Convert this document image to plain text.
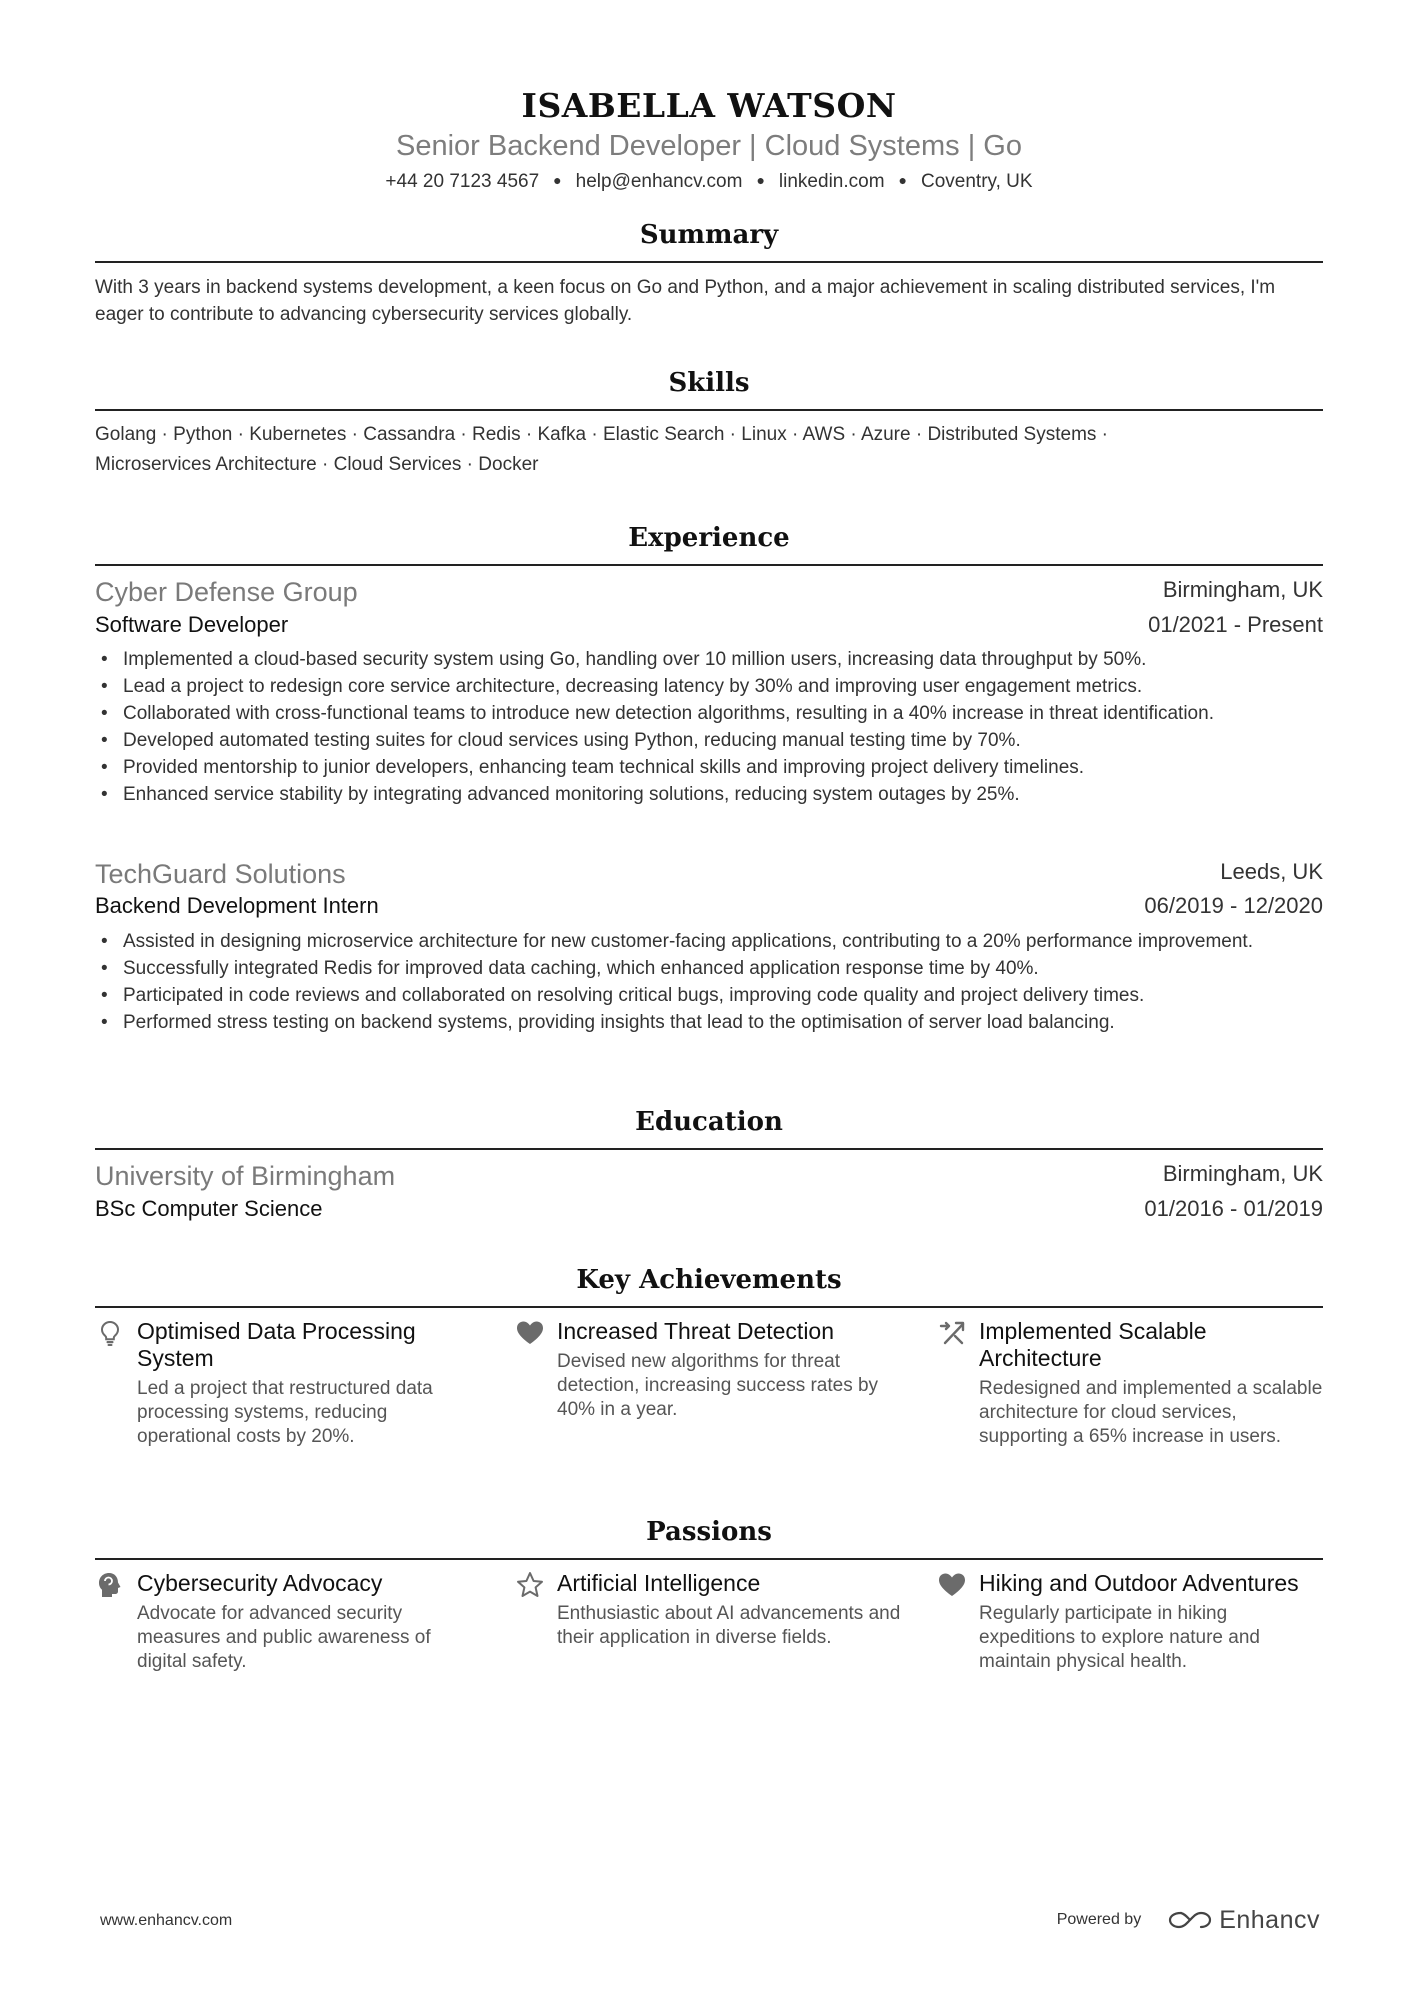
ISABELLA WATSON
Senior Backend Developer | Cloud Systems | Go
+44 20 7123 4567 ● help@enhancv.com ● linkedin.com ● Coventry, UK
Summary
With 3 years in backend systems development, a keen focus on Go and Python, and a major achievement in scaling distributed services, I'm eager to contribute to advancing cybersecurity services globally.
Skills
Golang · Python · Kubernetes · Cassandra · Redis · Kafka · Elastic Search · Linux · AWS · Azure · Distributed Systems ·
Microservices Architecture · Cloud Services · Docker
Experience
Cyber Defense Group	Birmingham, UK
Software Developer	01/2021 - Present
• Implemented a cloud-based security system using Go, handling over 10 million users, increasing data throughput by 50%.
• Lead a project to redesign core service architecture, decreasing latency by 30% and improving user engagement metrics.
• Collaborated with cross-functional teams to introduce new detection algorithms, resulting in a 40% increase in threat identification.
• Developed automated testing suites for cloud services using Python, reducing manual testing time by 70%.
• Provided mentorship to junior developers, enhancing team technical skills and improving project delivery timelines.
• Enhanced service stability by integrating advanced monitoring solutions, reducing system outages by 25%.
TechGuard Solutions	Leeds, UK
Backend Development Intern	06/2019 - 12/2020
• Assisted in designing microservice architecture for new customer-facing applications, contributing to a 20% performance improvement.
• Successfully integrated Redis for improved data caching, which enhanced application response time by 40%.
• Participated in code reviews and collaborated on resolving critical bugs, improving code quality and project delivery times.
• Performed stress testing on backend systems, providing insights that lead to the optimisation of server load balancing.
Education
University of Birmingham	Birmingham, UK
BSc Computer Science	01/2016 - 01/2019
Key Achievements
Optimised Data Processing System
Led a project that restructured data processing systems, reducing operational costs by 20%.
Increased Threat Detection
Devised new algorithms for threat detection, increasing success rates by 40% in a year.
Implemented Scalable Architecture
Redesigned and implemented a scalable architecture for cloud services, supporting a 65% increase in users.
Passions
Cybersecurity Advocacy
Advocate for advanced security measures and public awareness of digital safety.
Artificial Intelligence
Enthusiastic about AI advancements and their application in diverse fields.
Hiking and Outdoor Adventures
Regularly participate in hiking expeditions to explore nature and maintain physical health.
www.enhancv.com	Powered by	Enhancv
